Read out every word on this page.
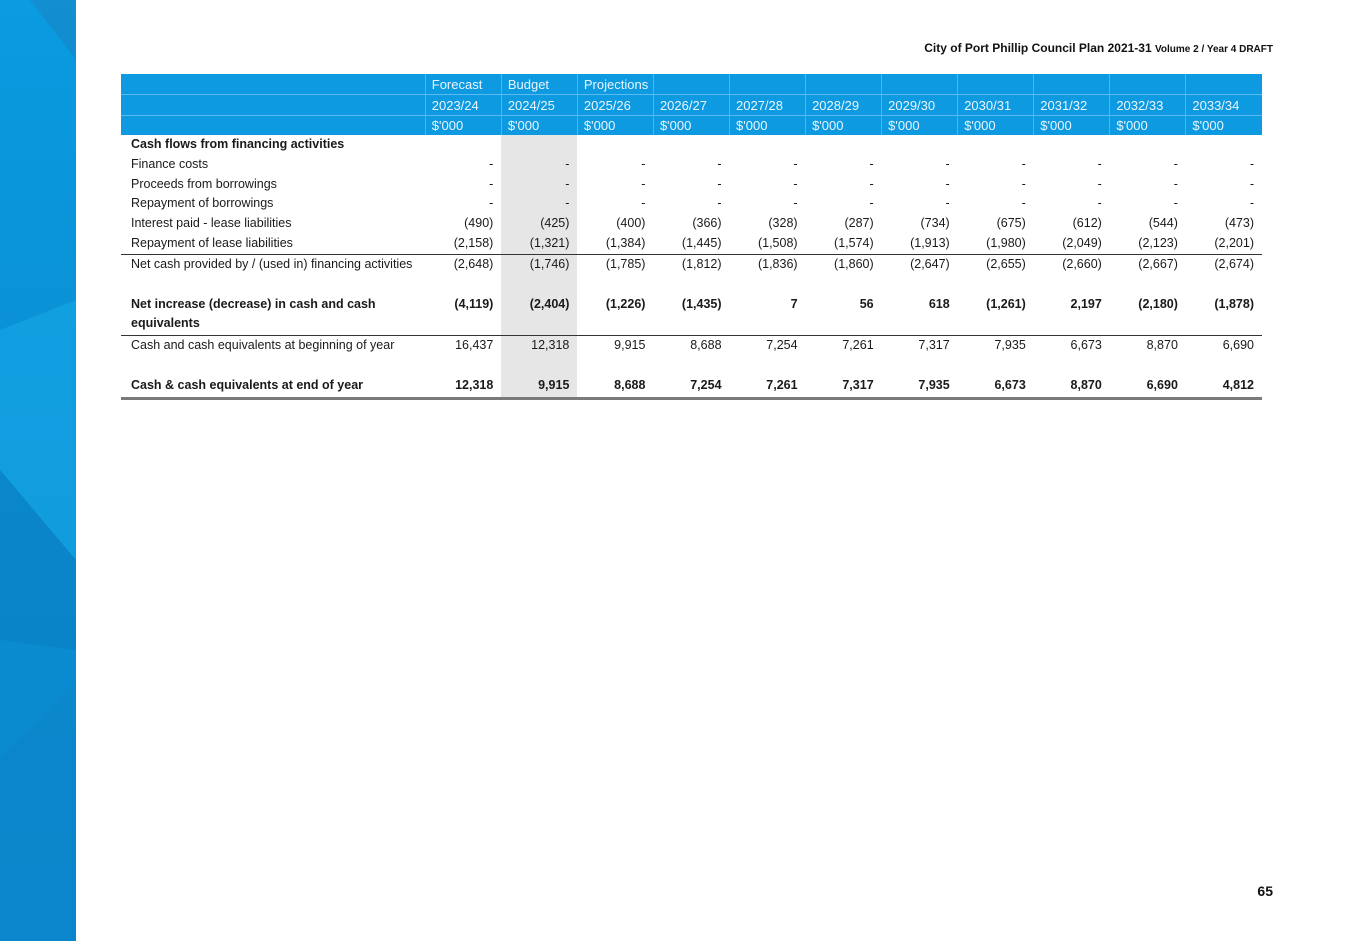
City of Port Phillip Council Plan 2021-31 Volume 2 / Year 4 DRAFT
	Forecast	Budget	Projections								
	2023/24	2024/25	2025/26	2026/27	2027/28	2028/29	2029/30	2030/31	2031/32	2032/33	2033/34
	$'000	$'000	$'000	$'000	$'000	$'000	$'000	$'000	$'000	$'000	$'000
Cash flows from financing activities											
Finance costs	-	-	-	-	-	-	-	-	-	-	-
Proceeds from borrowings	-	-	-	-	-	-	-	-	-	-	-
Repayment of borrowings	-	-	-	-	-	-	-	-	-	-	-
Interest paid - lease liabilities	(490)	(425)	(400)	(366)	(328)	(287)	(734)	(675)	(612)	(544)	(473)
Repayment of lease liabilities	(2,158)	(1,321)	(1,384)	(1,445)	(1,508)	(1,574)	(1,913)	(1,980)	(2,049)	(2,123)	(2,201)
Net cash provided by / (used in) financing activities	(2,648)	(1,746)	(1,785)	(1,812)	(1,836)	(1,860)	(2,647)	(2,655)	(2,660)	(2,667)	(2,674)
Net increase (decrease) in cash and cash equivalents	(4,119)	(2,404)	(1,226)	(1,435)	7	56	618	(1,261)	2,197	(2,180)	(1,878)
Cash and cash equivalents at beginning of year	16,437	12,318	9,915	8,688	7,254	7,261	7,317	7,935	6,673	8,870	6,690
Cash & cash equivalents at end of year	12,318	9,915	8,688	7,254	7,261	7,317	7,935	6,673	8,870	6,690	4,812
65
